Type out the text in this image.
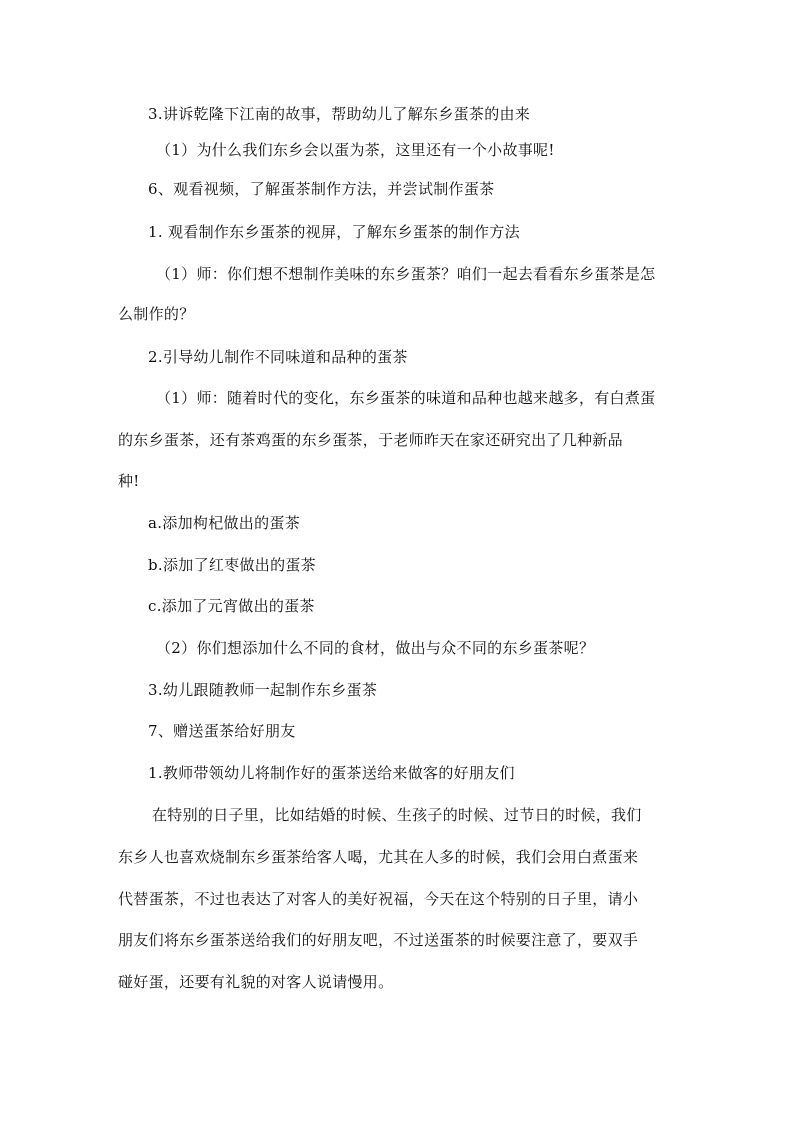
3.讲诉乾隆下江南的故事，帮助幼儿了解东乡蛋茶的由来
（1）为什么我们东乡会以蛋为茶，这里还有一个小故事呢!
6、观看视频，了解蛋茶制作方法，并尝试制作蛋茶
1. 观看制作东乡蛋茶的视屏，了解东乡蛋茶的制作方法
（1）师：你们想不想制作美味的东乡蛋茶？咱们一起去看看东乡蛋茶是怎
么制作的？
2.引导幼儿制作不同味道和品种的蛋茶
（1）师：随着时代的变化，东乡蛋茶的味道和品种也越来越多，有白煮蛋
的东乡蛋茶，还有茶鸡蛋的东乡蛋茶，于老师昨天在家还研究出了几种新品
种!
a.添加枸杞做出的蛋茶
b.添加了红枣做出的蛋茶
c.添加了元宵做出的蛋茶
（2）你们想添加什么不同的食材，做出与众不同的东乡蛋茶呢？
3.幼儿跟随教师一起制作东乡蛋茶
7、赠送蛋茶给好朋友
1.教师带领幼儿将制作好的蛋茶送给来做客的好朋友们
在特别的日子里，比如结婚的时候、生孩子的时候、过节日的时候，我们
东乡人也喜欢烧制东乡蛋茶给客人喝，尤其在人多的时候，我们会用白煮蛋来
代替蛋茶，不过也表达了对客人的美好祝福，今天在这个特别的日子里，请小
朋友们将东乡蛋茶送给我们的好朋友吧，不过送蛋茶的时候要注意了，要双手
碰好蛋，还要有礼貌的对客人说请慢用。
